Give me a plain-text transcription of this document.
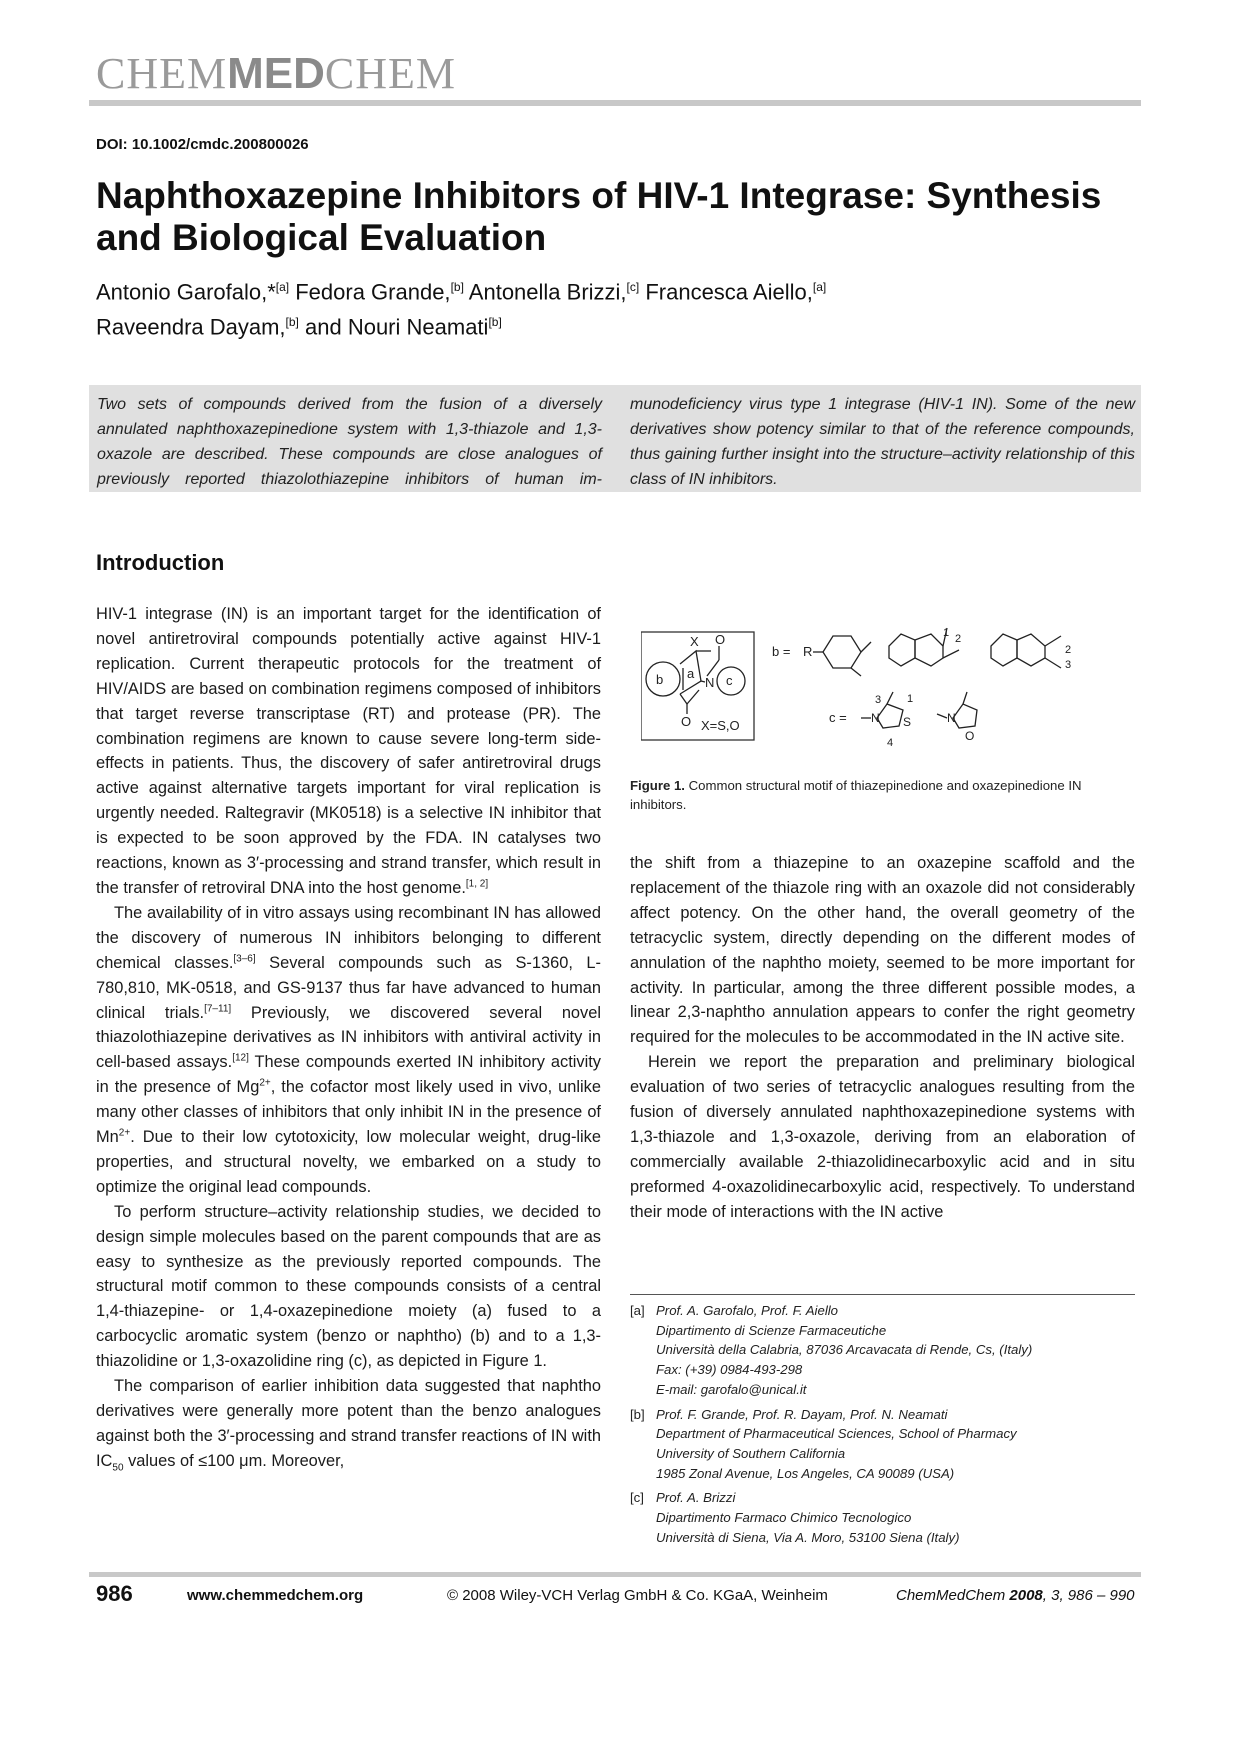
CHEMMEDCHEM
DOI: 10.1002/cmdc.200800026
Naphthoxazepine Inhibitors of HIV-1 Integrase: Synthesis and Biological Evaluation
Antonio Garofalo,*[a] Fedora Grande,[b] Antonella Brizzi,[c] Francesca Aiello,[a]
Raveendra Dayam,[b] and Nouri Neamati[b]
Two sets of compounds derived from the fusion of a diversely annulated naphthoxazepinedione system with 1,3-thiazole and 1,3-oxazole are described. These compounds are close analogues of previously reported thiazolothiazepine inhibitors of human im-
munodeficiency virus type 1 integrase (HIV-1 IN). Some of the new derivatives show potency similar to that of the reference compounds, thus gaining further insight into the structure–activity relationship of this class of IN inhibitors.
Introduction

HIV-1 integrase (IN) is an important target for the identification of novel antiretroviral compounds potentially active against HIV-1 replication. Current therapeutic protocols for the treatment of HIV/AIDS are based on combination regimens composed of inhibitors that target reverse transcriptase (RT) and protease (PR). The combination regimens are known to cause severe long-term side-effects in patients. Thus, the discovery of safer antiretroviral drugs active against alternative targets important for viral replication is urgently needed. Raltegravir (MK0518) is a selective IN inhibitor that is expected to be soon approved by the FDA. IN catalyses two reactions, known as 3′-processing and strand transfer, which result in the transfer of retroviral DNA into the host genome.[1, 2]

The availability of in vitro assays using recombinant IN has allowed the discovery of numerous IN inhibitors belonging to different chemical classes.[3–6] Several compounds such as S-1360, L-780,810, MK-0518, and GS-9137 thus far have advanced to human clinical trials.[7–11] Previously, we discovered several novel thiazolothiazepine derivatives as IN inhibitors with antiviral activity in cell-based assays.[12] These compounds exerted IN inhibitory activity in the presence of $Mg^{2+}$, the cofactor most likely used in vivo, unlike many other classes of inhibitors that only inhibit IN in the presence of $Mn^{2+}$. Due to their low cytotoxicity, low molecular weight, drug-like properties, and structural novelty, we embarked on a study to optimize the original lead compounds.

To perform structure–activity relationship studies, we decided to design simple molecules based on the parent compounds that are as easy to synthesize as the previously reported compounds. The structural motif common to these compounds consists of a central 1,4-thiazepine- or 1,4-oxazepinedione moiety (a) fused to a carbocyclic aromatic system (benzo or naphtho) (b) and to a 1,3-thiazolidine or 1,3-oxazolidine ring (c), as depicted in Figure 1.

The comparison of earlier inhibition data suggested that naphtho derivatives were generally more potent than the benzo analogues against both the 3′-processing and strand transfer reactions of IN with $IC_{50}$ values of ≤100 μm. Moreover,

X O
b a c
N
O X=S,O
b = R
1 2
2
3
c = N S
3 1
4
N
O
Figure 1. Common structural motif of thiazepinedione and oxazepinedione IN inhibitors.

the shift from a thiazepine to an oxazepine scaffold and the replacement of the thiazole ring with an oxazole did not considerably affect potency. On the other hand, the overall geometry of the tetracyclic system, directly depending on the different modes of annulation of the naphtho moiety, seemed to be more important for activity. In particular, among the three different possible modes, a linear 2,3-naphtho annulation appears to confer the right geometry required for the molecules to be accommodated in the IN active site.

Herein we report the preparation and preliminary biological evaluation of two series of tetracyclic analogues resulting from the fusion of diversely annulated naphthoxazepinedione systems with 1,3-thiazole and 1,3-oxazole, deriving from an elaboration of commercially available 2-thiazolidinecarboxylic acid and in situ preformed 4-oxazolidinecarboxylic acid, respectively. To understand their mode of interactions with the IN active

[a] Prof. A. Garofalo, Prof. F. Aiello
Dipartimento di Scienze Farmaceutiche
Università della Calabria, 87036 Arcavacata di Rende, Cs, (Italy)
Fax: (+39) 0984-493-298
E-mail: garofalo@unical.it
[b] Prof. F. Grande, Prof. R. Dayam, Prof. N. Neamati
Department of Pharmaceutical Sciences, School of Pharmacy
University of Southern California
1985 Zonal Avenue, Los Angeles, CA 90089 (USA)
[c] Prof. A. Brizzi
Dipartimento Farmaco Chimico Tecnologico
Università di Siena, Via A. Moro, 53100 Siena (Italy)
986	www.chemmedchem.org	© 2008 Wiley-VCH Verlag GmbH & Co. KGaA, Weinheim	ChemMedChem 2008, 3, 986 – 990
